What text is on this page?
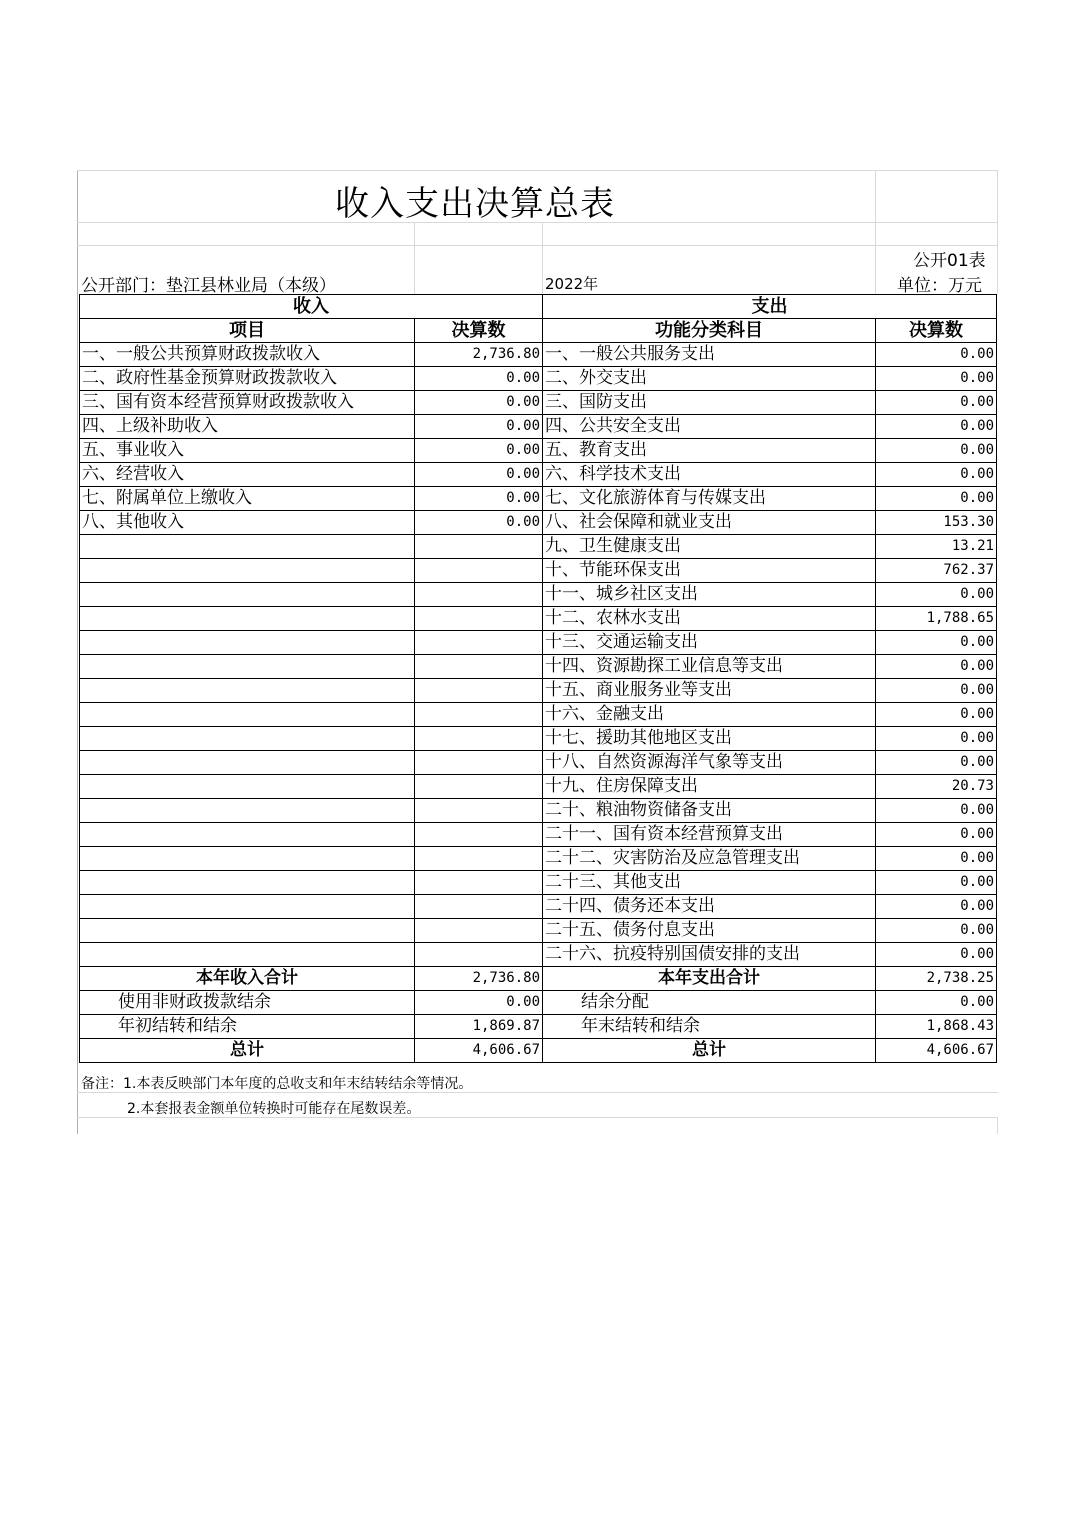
收入支出决算总表
公开01表
公开部门：垫江县林业局（本级）	2022年	单位：万元
收入		支出	
项目	决算数	功能分类科目	决算数
一、一般公共预算财政拨款收入	2,736.80	一、一般公共服务支出	0.00
二、政府性基金预算财政拨款收入	0.00	二、外交支出	0.00
三、国有资本经营预算财政拨款收入	0.00	三、国防支出	0.00
四、上级补助收入	0.00	四、公共安全支出	0.00
五、事业收入	0.00	五、教育支出	0.00
六、经营收入	0.00	六、科学技术支出	0.00
七、附属单位上缴收入	0.00	七、文化旅游体育与传媒支出	0.00
八、其他收入	0.00	八、社会保障和就业支出	153.30
		九、卫生健康支出	13.21
		十、节能环保支出	762.37
		十一、城乡社区支出	0.00
		十二、农林水支出	1,788.65
		十三、交通运输支出	0.00
		十四、资源勘探工业信息等支出	0.00
		十五、商业服务业等支出	0.00
		十六、金融支出	0.00
		十七、援助其他地区支出	0.00
		十八、自然资源海洋气象等支出	0.00
		十九、住房保障支出	20.73
		二十、粮油物资储备支出	0.00
		二十一、国有资本经营预算支出	0.00
		二十二、灾害防治及应急管理支出	0.00
		二十三、其他支出	0.00
		二十四、债务还本支出	0.00
		二十五、债务付息支出	0.00
		二十六、抗疫特别国债安排的支出	0.00
本年收入合计	2,736.80	本年支出合计	2,738.25
使用非财政拨款结余	0.00	结余分配	0.00
年初结转和结余	1,869.87	年末结转和结余	1,868.43
总计	4,606.67	总计	4,606.67
备注：1.本表反映部门本年度的总收支和年末结转结余等情况。
2.本套报表金额单位转换时可能存在尾数误差。
